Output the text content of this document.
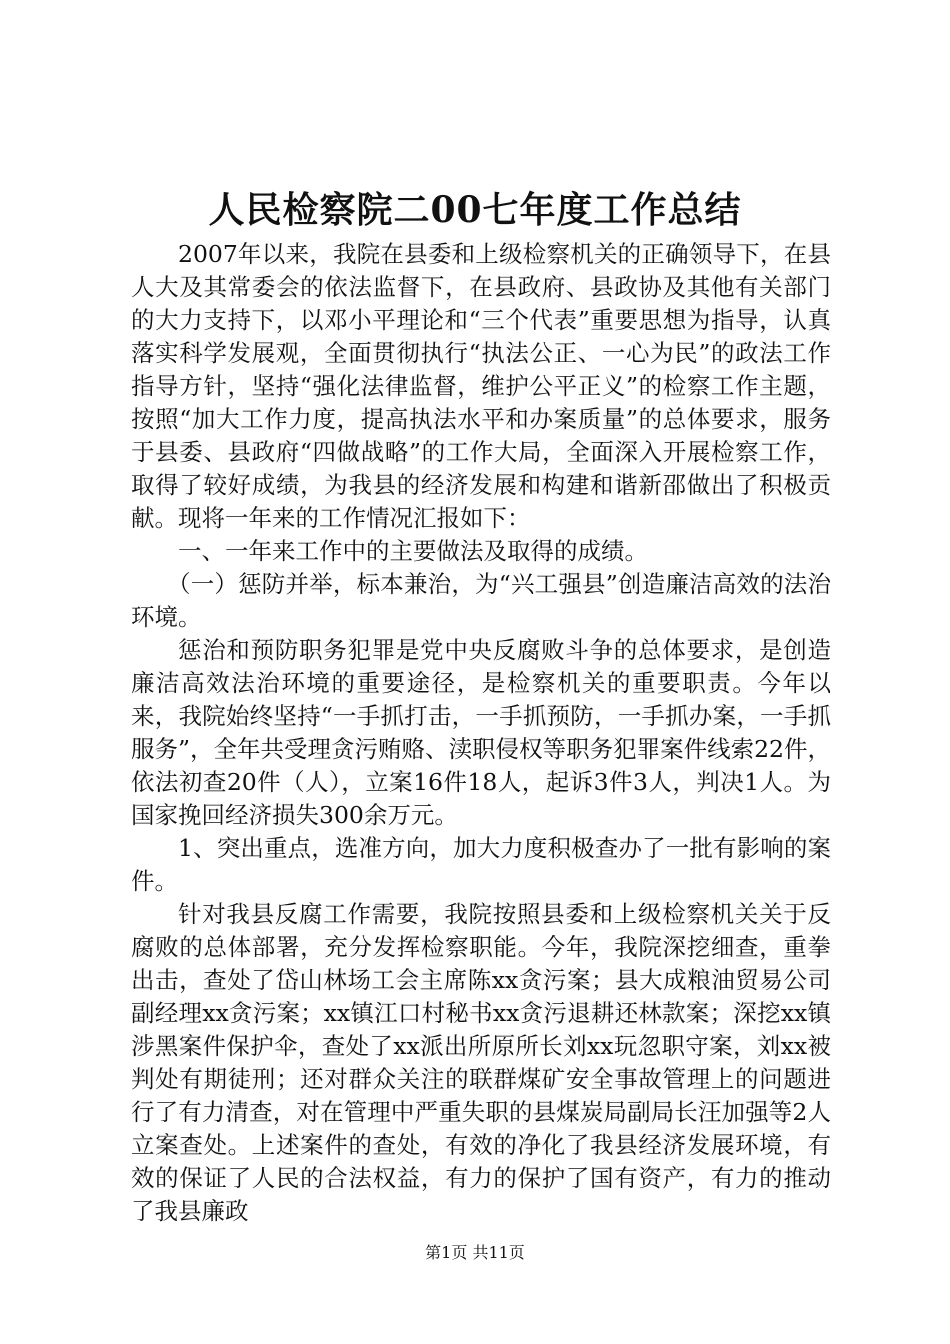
人民检察院二00七年度工作总结

2007年以来，我院在县委和上级检察机关的正确领导下，在县人大及其常委会的依法监督下，在县政府、县政协及其他有关部门的大力支持下，以邓小平理论和“三个代表”重要思想为指导，认真落实科学发展观，全面贯彻执行“执法公正、一心为民”的政法工作指导方针，坚持“强化法律监督，维护公平正义”的检察工作主题，按照“加大工作力度，提高执法水平和办案质量”的总体要求，服务于县委、县政府“四做战略”的工作大局，全面深入开展检察工作，取得了较好成绩，为我县的经济发展和构建和谐新邵做出了积极贡献。现将一年来的工作情况汇报如下：

一、一年来工作中的主要做法及取得的成绩。

（一）惩防并举，标本兼治，为“兴工强县”创造廉洁高效的法治环境。

惩治和预防职务犯罪是党中央反腐败斗争的总体要求，是创造廉洁高效法治环境的重要途径，是检察机关的重要职责。今年以来，我院始终坚持“一手抓打击，一手抓预防，一手抓办案，一手抓服务”，全年共受理贪污贿赂、渎职侵权等职务犯罪案件线索22件，依法初查20件（人），立案16件18人，起诉3件3人，判决1人。为国家挽回经济损失300余万元。

1、突出重点，选准方向，加大力度积极查办了一批有影响的案件。

针对我县反腐工作需要，我院按照县委和上级检察机关关于反腐败的总体部署，充分发挥检察职能。今年，我院深挖细查，重拳出击，查处了岱山林场工会主席陈xx贪污案；县大成粮油贸易公司副经理xx贪污案；xx镇江口村秘书xx贪污退耕还林款案；深挖xx镇涉黑案件保护伞，查处了xx派出所原所长刘xx玩忽职守案，刘xx被判处有期徒刑；还对群众关注的联群煤矿安全事故管理上的问题进行了有力清查，对在管理中严重失职的县煤炭局副局长汪加强等2人立案查处。上述案件的查处，有效的净化了我县经济发展环境，有效的保证了人民的合法权益，有力的保护了国有资产，有力的推动了我县廉政

第1页 共11页
